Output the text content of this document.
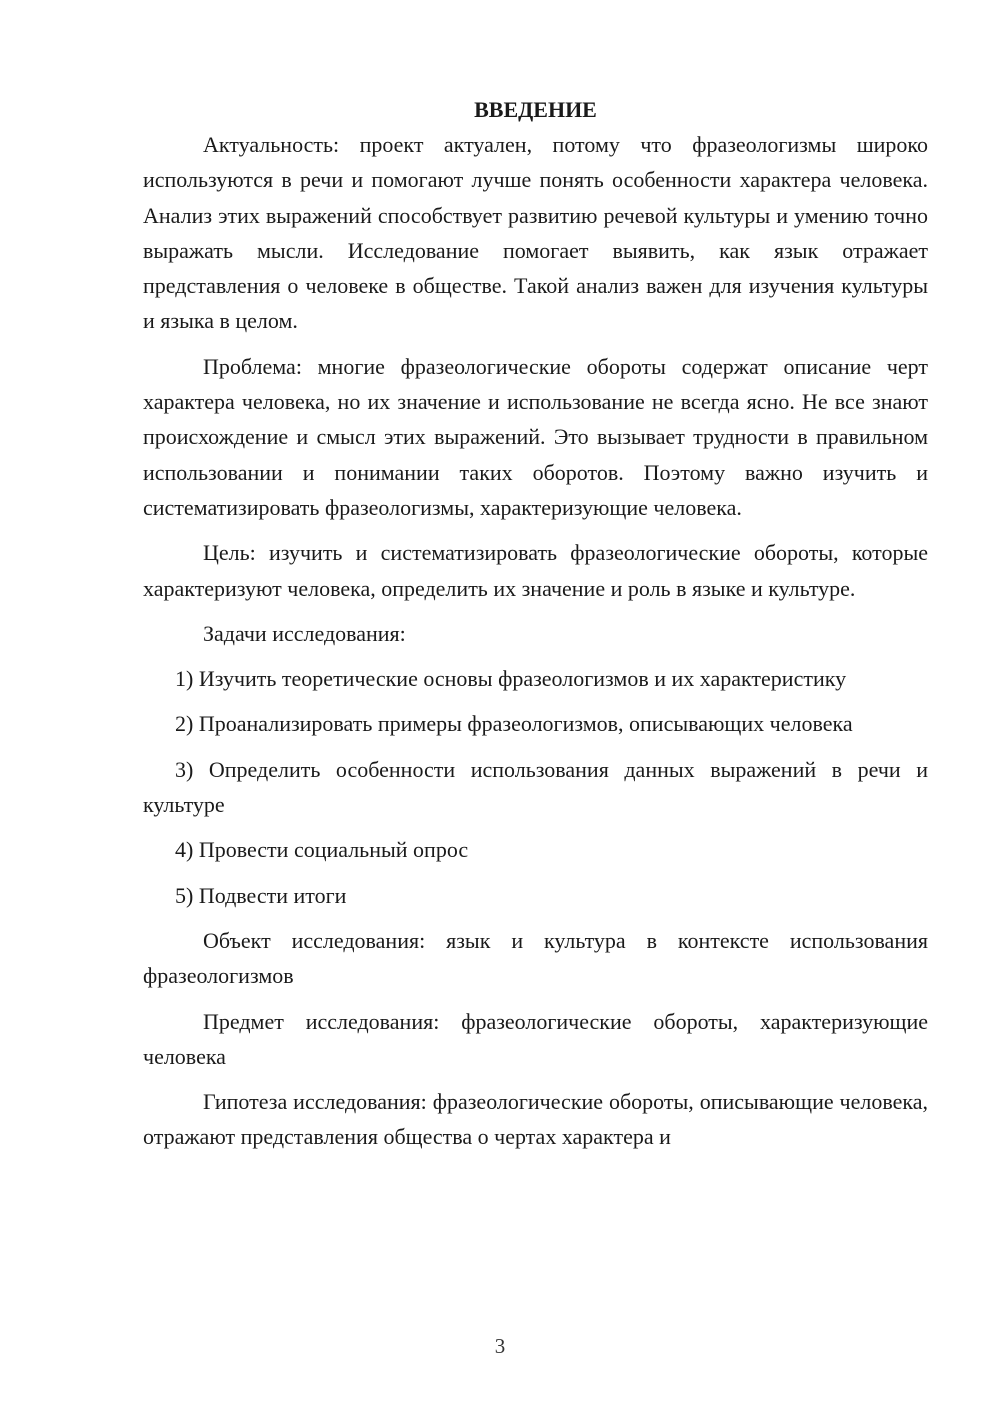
ВВЕДЕНИЕ

Актуальность: проект актуален, потому что фразеологизмы широко используются в речи и помогают лучше понять особенности характера человека. Анализ этих выражений способствует развитию речевой культуры и умению точно выражать мысли. Исследование помогает выявить, как язык отражает представления о человеке в обществе. Такой анализ важен для изучения культуры и языка в целом.

Проблема: многие фразеологические обороты содержат описание черт характера человека, но их значение и использование не всегда ясно. Не все знают происхождение и смысл этих выражений. Это вызывает трудности в правильном использовании и понимании таких оборотов. Поэтому важно изучить и систематизировать фразеологизмы, характеризующие человека.

Цель: изучить и систематизировать фразеологические обороты, которые характеризуют человека, определить их значение и роль в языке и культуре.

Задачи исследования:

1) Изучить теоретические основы фразеологизмов и их характеристику

2) Проанализировать примеры фразеологизмов, описывающих человека

3) Определить особенности использования данных выражений в речи и культуре

4) Провести социальный опрос

5) Подвести итоги

Объект исследования: язык и культура в контексте использования фразеологизмов

Предмет исследования: фразеологические обороты, характеризующие человека

Гипотеза исследования: фразеологические обороты, описывающие человека, отражают представления общества о чертах характера и

3
